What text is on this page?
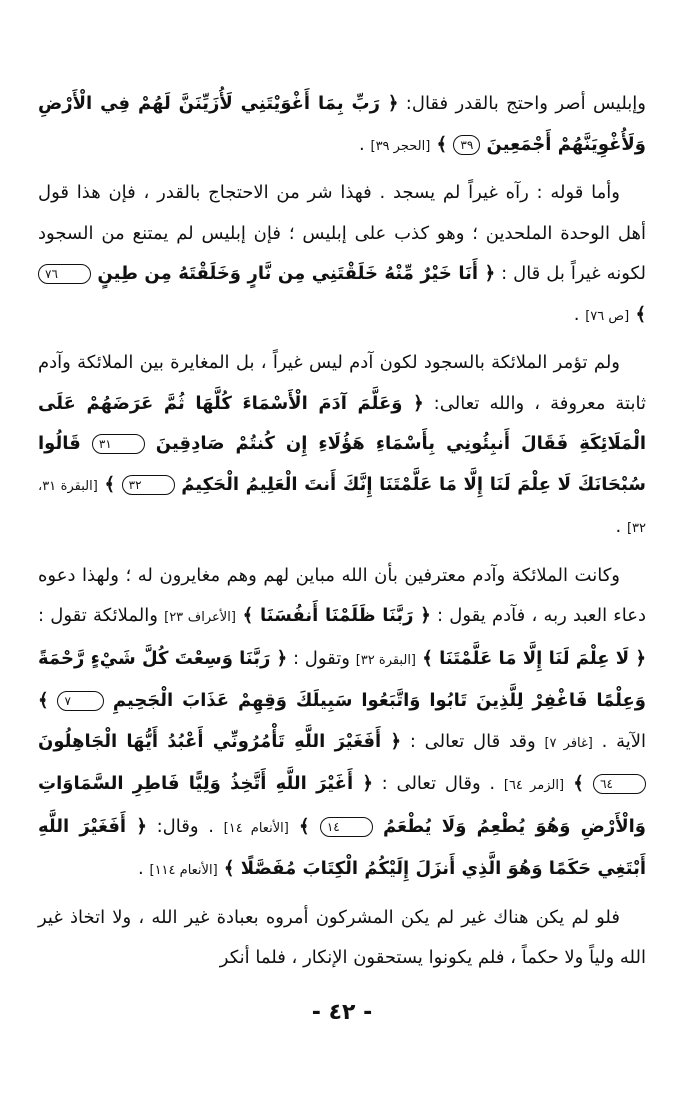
وإبليس أصر واحتج بالقدر فقال: ﴿ رَبِّ بِمَا أَغْوَيْتَنِي لَأُزَيِّنَنَّ لَهُمْ فِي الْأَرْضِ وَلَأُغْوِيَنَّهُمْ أَجْمَعِينَ ٣٩ ﴾ [الحجر ٣٩] .

وأما قوله : رآه غيراً لم يسجد . فهذا شر من الاحتجاج بالقدر ، فإن هذا قول أهل الوحدة الملحدين ؛ وهو كذب على إبليس ؛ فإن إبليس لم يمتنع من السجود لكونه غيراً بل قال : ﴿ أَنَا خَيْرٌ مِّنْهُ خَلَقْتَنِي مِن نَّارٍ وَخَلَقْتَهُ مِن طِينٍ ٧٦ ﴾ [ص ٧٦] .

ولم تؤمر الملائكة بالسجود لكون آدم ليس غيراً ، بل المغايرة بين الملائكة وآدم ثابتة معروفة ، والله تعالى: ﴿ وَعَلَّمَ آدَمَ الْأَسْمَاءَ كُلَّهَا ثُمَّ عَرَضَهُمْ عَلَى الْمَلَائِكَةِ فَقَالَ أَنبِئُونِي بِأَسْمَاءِ هَؤُلَاءِ إِن كُنتُمْ صَادِقِينَ ٣١ قَالُوا سُبْحَانَكَ لَا عِلْمَ لَنَا إِلَّا مَا عَلَّمْتَنَا إِنَّكَ أَنتَ الْعَلِيمُ الْحَكِيمُ ٣٢ ﴾ [البقرة ٣١، ٣٢] .

وكانت الملائكة وآدم معترفين بأن الله مباين لهم وهم مغايرون له ؛ ولهذا دعوه دعاء العبد ربه ، فآدم يقول : ﴿ رَبَّنَا ظَلَمْنَا أَنفُسَنَا ﴾ [الأعراف ٢٣] والملائكة تقول : ﴿ لَا عِلْمَ لَنَا إِلَّا مَا عَلَّمْتَنَا ﴾ [البقرة ٣٢] وتقول : ﴿ رَبَّنَا وَسِعْتَ كُلَّ شَيْءٍ رَّحْمَةً وَعِلْمًا فَاغْفِرْ لِلَّذِينَ تَابُوا وَاتَّبَعُوا سَبِيلَكَ وَقِهِمْ عَذَابَ الْجَحِيمِ ٧ ﴾ الآية . [غافر ٧] وقد قال تعالى : ﴿ أَفَغَيْرَ اللَّهِ تَأْمُرُونِّي أَعْبُدُ أَيُّهَا الْجَاهِلُونَ ٦٤ ﴾ [الزمر ٦٤] . وقال تعالى : ﴿ أَغَيْرَ اللَّهِ أَتَّخِذُ وَلِيًّا فَاطِرِ السَّمَاوَاتِ وَالْأَرْضِ وَهُوَ يُطْعِمُ وَلَا يُطْعَمُ ١٤ ﴾ [الأنعام ١٤] . وقال: ﴿ أَفَغَيْرَ اللَّهِ أَبْتَغِي حَكَمًا وَهُوَ الَّذِي أَنزَلَ إِلَيْكُمُ الْكِتَابَ مُفَصَّلًا ﴾ [الأنعام ١١٤] .

فلو لم يكن هناك غير لم يكن المشركون أمروه بعبادة غير الله ، ولا اتخاذ غير الله ولياً ولا حكماً ، فلم يكونوا يستحقون الإنكار ، فلما أنكر

- ٤٢ -
